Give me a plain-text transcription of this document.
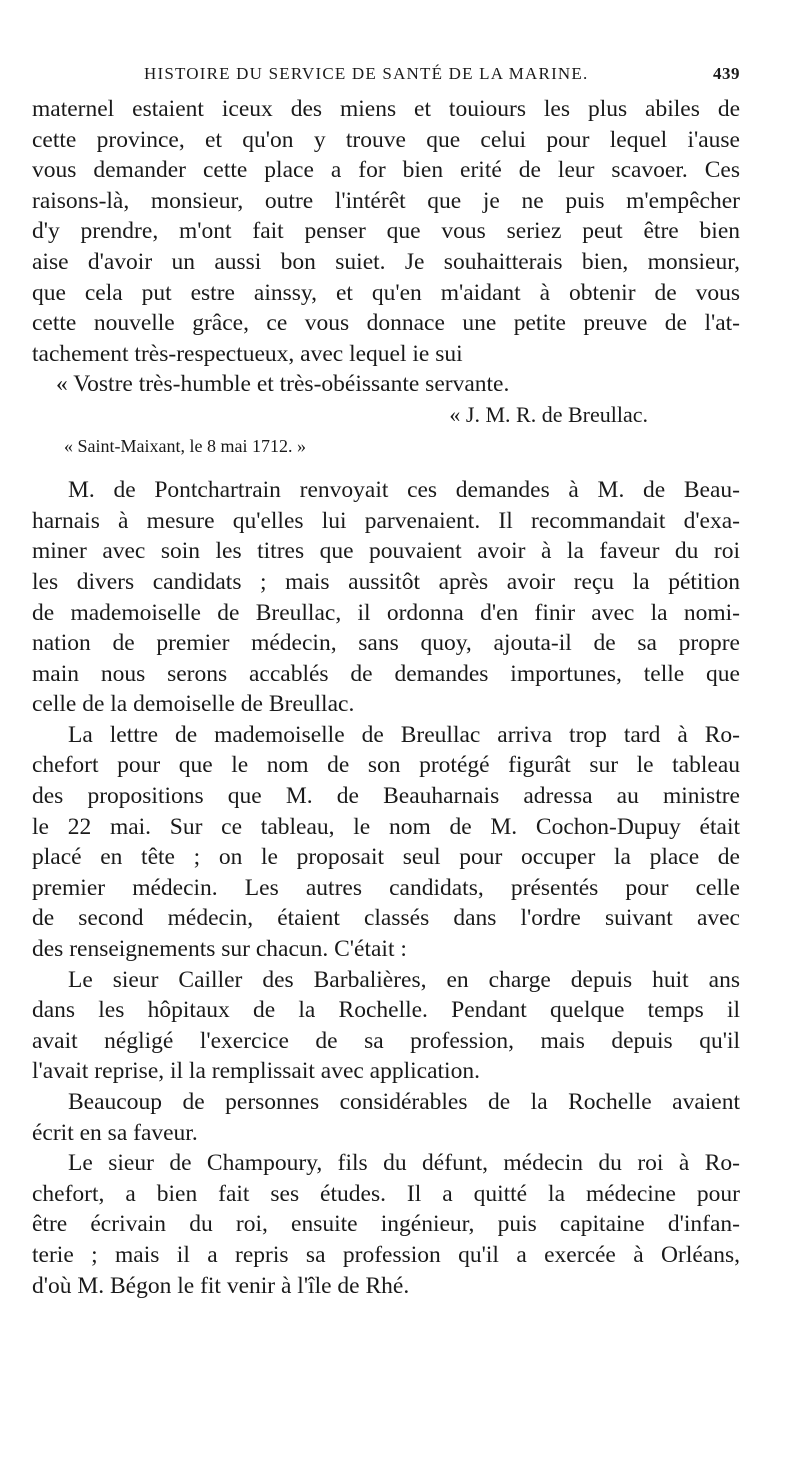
HISTOIRE DU SERVICE DE SANTÉ DE LA MARINE.	439
maternel estaient iceux des miens et touiours les plus abiles de
cette province, et qu'on y trouve que celui pour lequel i'ause
vous demander cette place a for bien erité de leur scavoer. Ces
raisons-là, monsieur, outre l'intérêt que je ne puis m'empêcher
d'y prendre, m'ont fait penser que vous seriez peut être bien
aise d'avoir un aussi bon suiet. Je souhaitterais bien, monsieur,
que cela put estre ainssy, et qu'en m'aidant à obtenir de vous
cette nouvelle grâce, ce vous donnace une petite preuve de l'at-
tachement très-respectueux, avec lequel ie sui
« Vostre très-humble et très-obéissante servante.
« J. M. R. de Breullac.
« Saint-Maixant, le 8 mai 1712. »
M. de Pontchartrain renvoyait ces demandes à M. de Beau-
harnais à mesure qu'elles lui parvenaient. Il recommandait d'exa-
miner avec soin les titres que pouvaient avoir à la faveur du roi
les divers candidats ; mais aussitôt après avoir reçu la pétition
de mademoiselle de Breullac, il ordonna d'en finir avec la nomi-
nation de premier médecin, sans quoy, ajouta-il de sa propre
main nous serons accablés de demandes importunes, telle que
celle de la demoiselle de Breullac.
La lettre de mademoiselle de Breullac arriva trop tard à Ro-
chefort pour que le nom de son protégé figurât sur le tableau
des propositions que M. de Beauharnais adressa au ministre
le 22 mai. Sur ce tableau, le nom de M. Cochon-Dupuy était
placé en tête ; on le proposait seul pour occuper la place de
premier médecin. Les autres candidats, présentés pour celle
de second médecin, étaient classés dans l'ordre suivant avec
des renseignements sur chacun. C'était :
Le sieur Cailler des Barbalières, en charge depuis huit ans
dans les hôpitaux de la Rochelle. Pendant quelque temps il
avait négligé l'exercice de sa profession, mais depuis qu'il
l'avait reprise, il la remplissait avec application.
Beaucoup de personnes considérables de la Rochelle avaient
écrit en sa faveur.
Le sieur de Champoury, fils du défunt, médecin du roi à Ro-
chefort, a bien fait ses études. Il a quitté la médecine pour
être écrivain du roi, ensuite ingénieur, puis capitaine d'infan-
terie ; mais il a repris sa profession qu'il a exercée à Orléans,
d'où M. Bégon le fit venir à l'île de Rhé.
